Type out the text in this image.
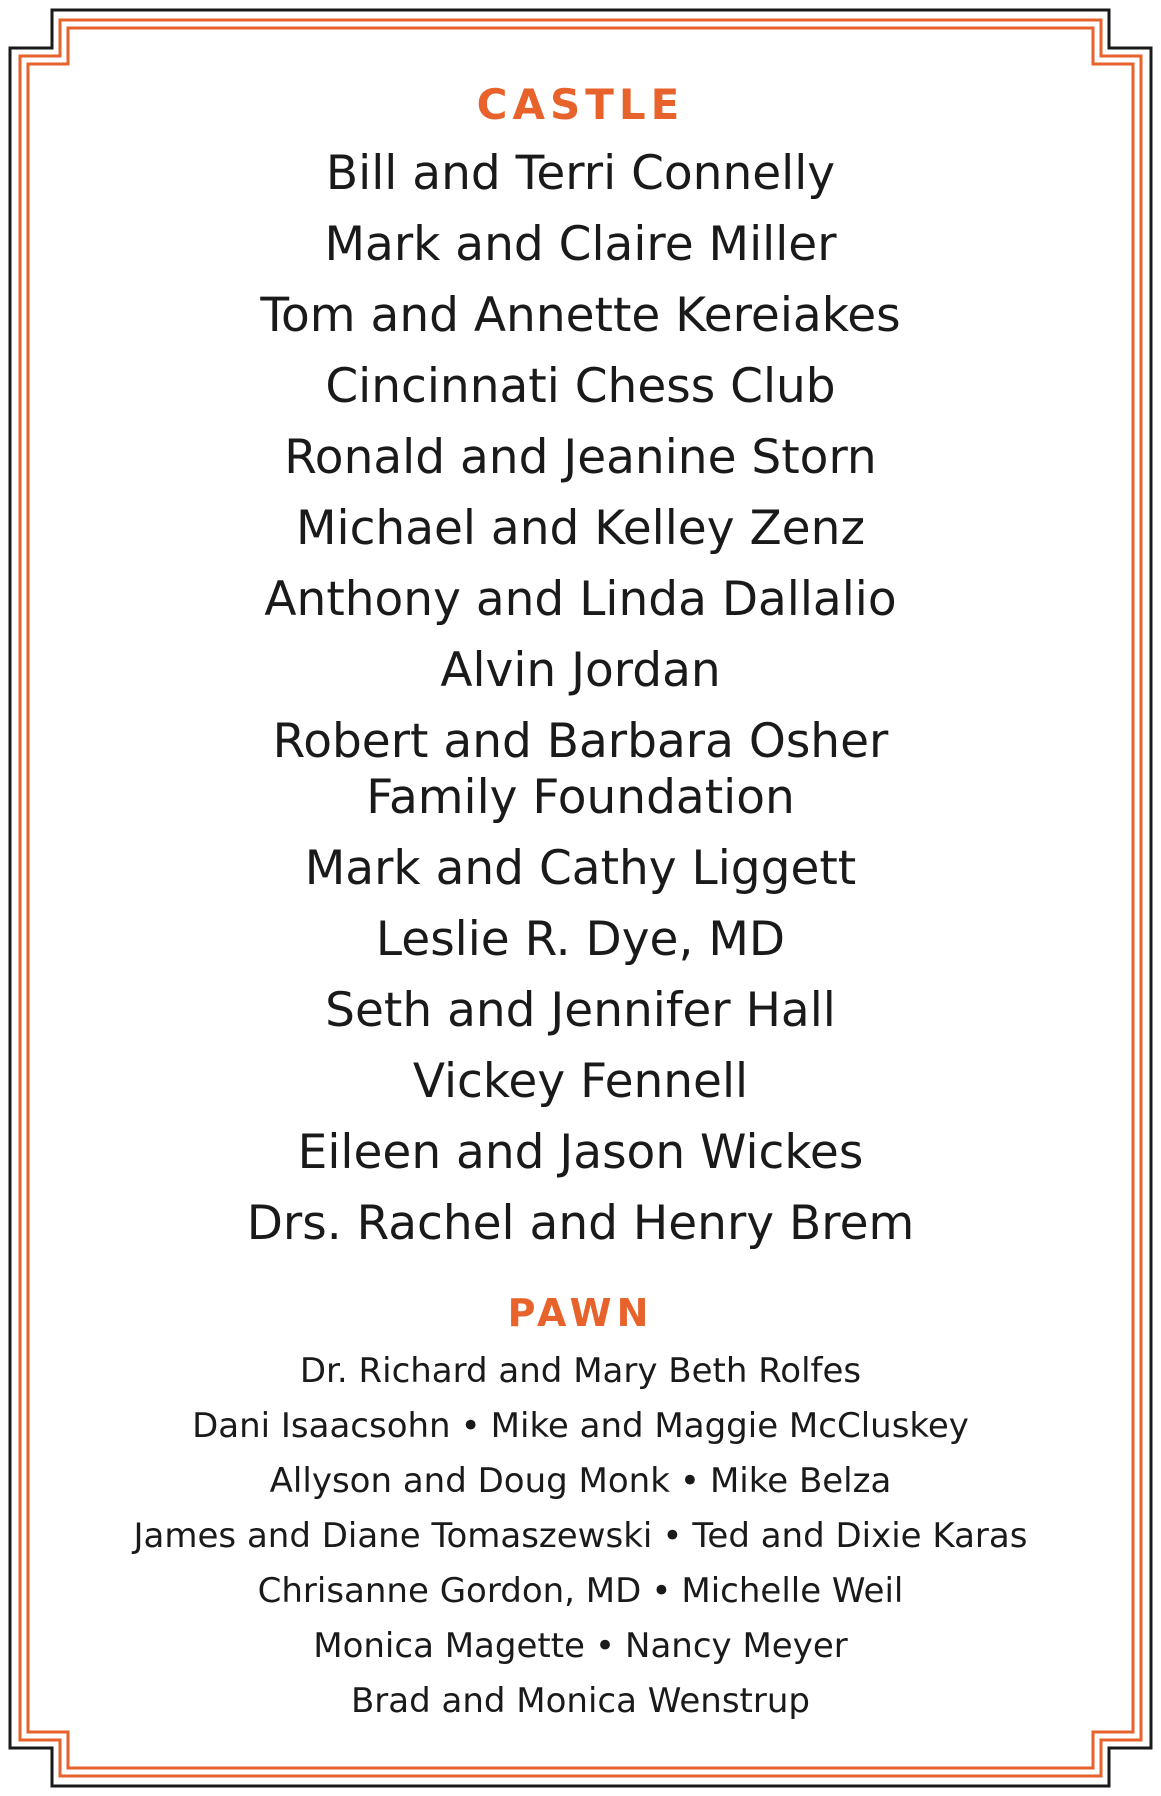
CASTLE
Bill and Terri Connelly
Mark and Claire Miller
Tom and Annette Kereiakes
Cincinnati Chess Club
Ronald and Jeanine Storn
Michael and Kelley Zenz
Anthony and Linda Dallalio
Alvin Jordan
Robert and Barbara Osher
Family Foundation
Mark and Cathy Liggett
Leslie R. Dye, MD
Seth and Jennifer Hall
Vickey Fennell
Eileen and Jason Wickes
Drs. Rachel and Henry Brem
PAWN
Dr. Richard and Mary Beth Rolfes
Dani Isaacsohn • Mike and Maggie McCluskey
Allyson and Doug Monk • Mike Belza
James and Diane Tomaszewski • Ted and Dixie Karas
Chrisanne Gordon, MD • Michelle Weil
Monica Magette • Nancy Meyer
Brad and Monica Wenstrup
